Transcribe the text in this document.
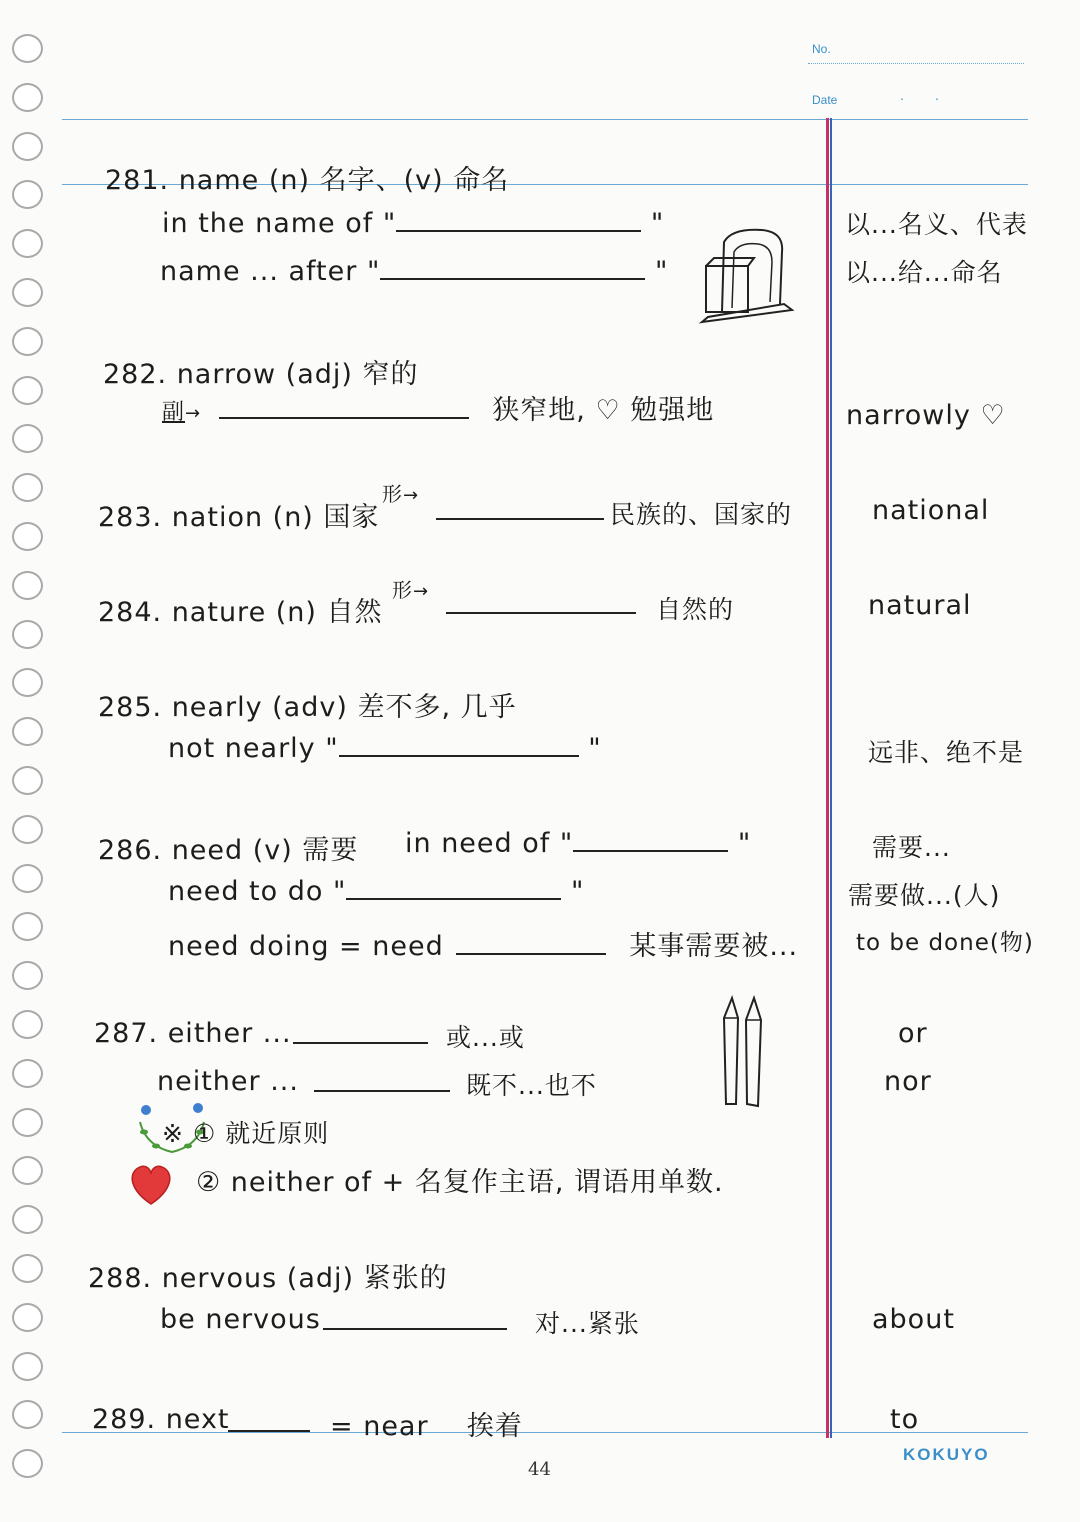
No.
Date	.        .
281. name (n) 名字、(v) 命名
in the name of "	"
name ... after "	"
以...名义、代表
以...给...命名
282. narrow (adj) 窄的
副→	狭窄地, ♡ 勉强地	narrowly ♡
283. nation (n) 国家
形→
民族的、国家的	national
284. nature (n) 自然
形→
自然的	natural
285. nearly (adv) 差不多, 几乎
not nearly "	"	远非、绝不是
286. need (v) 需要 in need of "	"
need to do "	"
need doing = need	某事需要被...
需要...
需要做...(人)
to be done(物)
287. either ...	或...或
neither ...	既不...也不
※ ① 就近原则
② neither of + 名复作主语, 谓语用单数.
or
nor
288. nervous (adj) 紧张的
be nervous	对...紧张	about
289. next	= near    挨着	to
44
KOKUYO
